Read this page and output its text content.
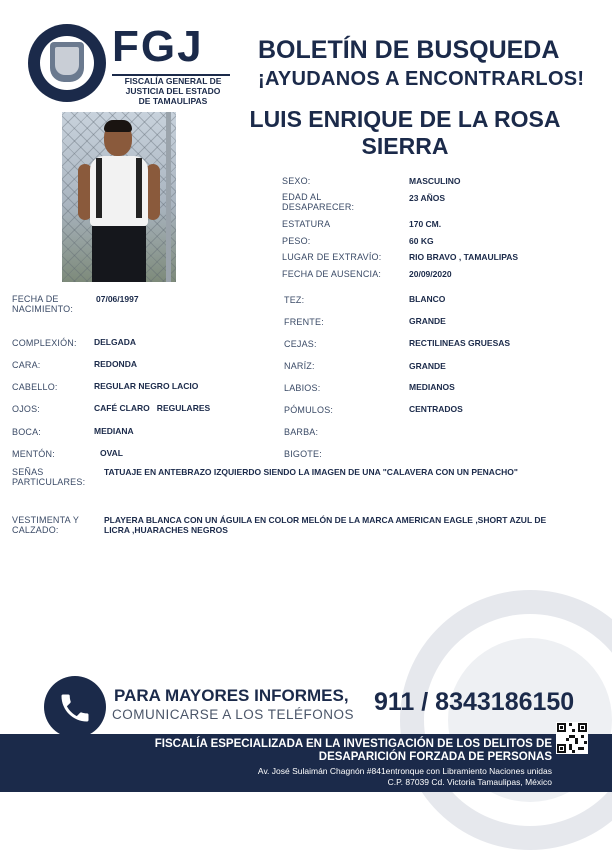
FGJ
FISCALÍA GENERAL DE
JUSTICIA DEL ESTADO
DE TAMAULIPAS
BOLETÍN DE BUSQUEDA
¡AYUDANOS A ENCONTRARLOS!
LUIS ENRIQUE DE LA ROSA SIERRA
SEXO:	MASCULINO
EDAD AL
DESAPARECER:
23 AÑOS
ESTATURA	170 CM.
PESO:	60 KG
LUGAR DE EXTRAVÍO:	RIO BRAVO , TAMAULIPAS
FECHA DE AUSENCIA:	20/09/2020
FECHA DE
NACIMIENTO:
07/06/1997
COMPLEXIÓN: DELGADA
CARA:	REDONDA
CABELLO:	REGULAR NEGRO LACIO
OJOS:	CAFÉ CLARO   REGULARES
BOCA:	MEDIANA
MENTÓN:	OVAL
TEZ:	BLANCO
FRENTE:	GRANDE
CEJAS:	RECTILINEAS GRUESAS
NARÍZ:	GRANDE
LABIOS:	MEDIANOS
PÓMULOS:	CENTRADOS
BARBA:
BIGOTE:
SEÑAS
PARTICULARES:
TATUAJE EN ANTEBRAZO IZQUIERDO SIENDO LA IMAGEN DE UNA "CALAVERA CON UN PENACHO"
VESTIMENTA Y
CALZADO:
PLAYERA BLANCA CON UN ÁGUILA EN COLOR MELÓN DE LA MARCA AMERICAN EAGLE ,SHORT AZUL DE LICRA ,HUARACHES NEGROS
PARA MAYORES INFORMES,
COMUNICARSE A LOS TELÉFONOS 911 / 8343186150
FISCALÍA ESPECIALIZADA EN LA INVESTIGACIÓN DE LOS DELITOS DE
DESAPARICIÓN FORZADA DE PERSONAS
Av. José Sulaimán Chagnón #841entronque con Libramiento Naciones unidas
C.P. 87039 Cd. Victoria Tamaulipas, México
